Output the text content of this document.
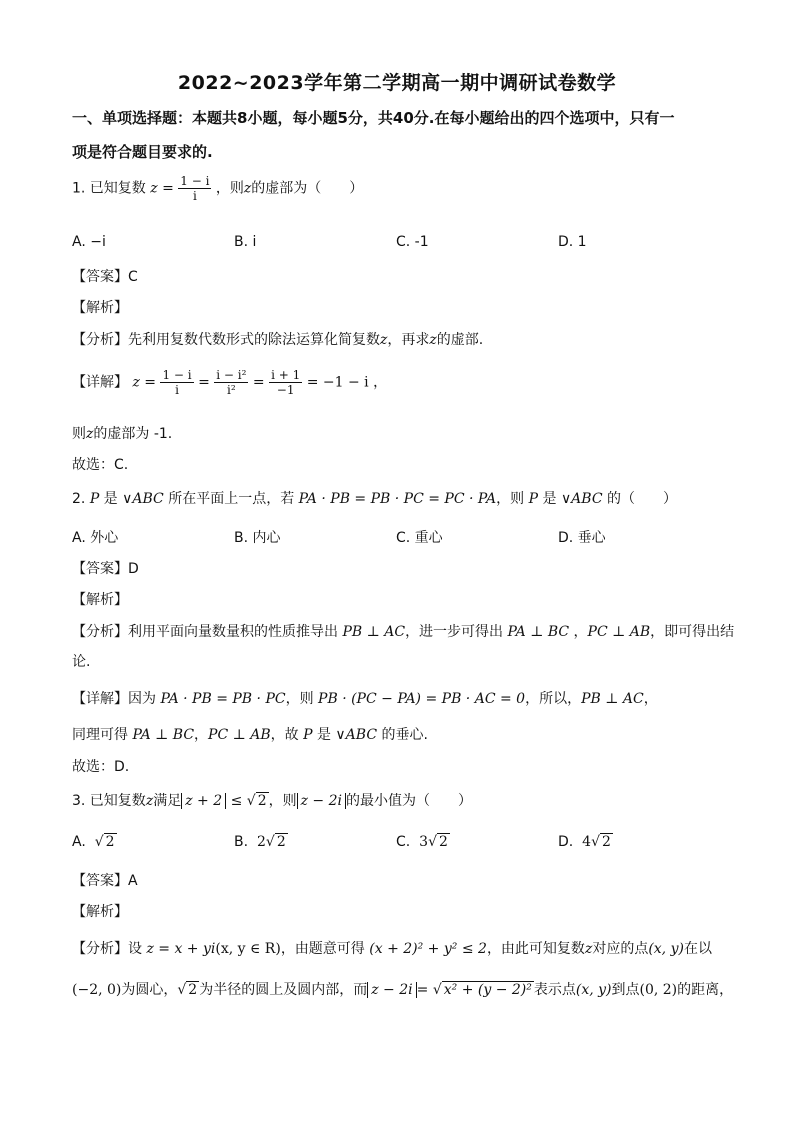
2022~2023学年第二学期高一期中调研试卷数学
一、单项选择题：本题共8小题，每小题5分，共40分.在每小题给出的四个选项中，只有一
项是符合题目要求的.
1. 已知复数 $z = \frac{1 - i}{i}$ ，则z的虚部为（　　）
A. −i	B. i	C. -1	D. 1
【答案】C
【解析】
【分析】先利用复数代数形式的除法运算化简复数z，再求z的虚部.
【详解】 $z = \frac{1 - i}{i} = \frac{\text{i − i²}}{\text{i²}} = \frac{i + 1}{-1} = -1 - i$ ，
则z的虚部为 -1.
故选：C.
2. P 是 ∨ABC 所在平面上一点，若 PA · PB = PB · PC = PC · PA，则 P 是 ∨ABC 的（　　）
A. 外心	B. 内心	C. 重心	D. 垂心
【答案】D
【解析】
【分析】利用平面向量数量积的性质推导出 PB ⊥ AC，进一步可得出 PA ⊥ BC ，PC ⊥ AB，即可得出结
论.
【详解】因为 PA · PB = PB · PC，则 PB · (PC − PA) = PB · AC = 0，所以，PB ⊥ AC，
同理可得 PA ⊥ BC，PC ⊥ AB，故 P 是 ∨ABC 的垂心.
故选：D.
3. 已知复数z满足 z + 2 ≤ √ 2 ，则 z − 2i 的最小值为（　　）
A. √ 2	B. 2√ 2	C. 3√ 2	D. 4√ 2
【答案】A
【解析】
【分析】设 z = x + yi(x, y ∈ R)，由题意可得 (x + 2)² + y² ≤ 2，由此可知复数z对应的点(x, y)在以
(−2, 0)为圆心，√ 2 为半径的圆上及圆内部，而 z − 2i = √ x² + (y − 2)² 表示点(x, y)到点(0, 2)的距离，
